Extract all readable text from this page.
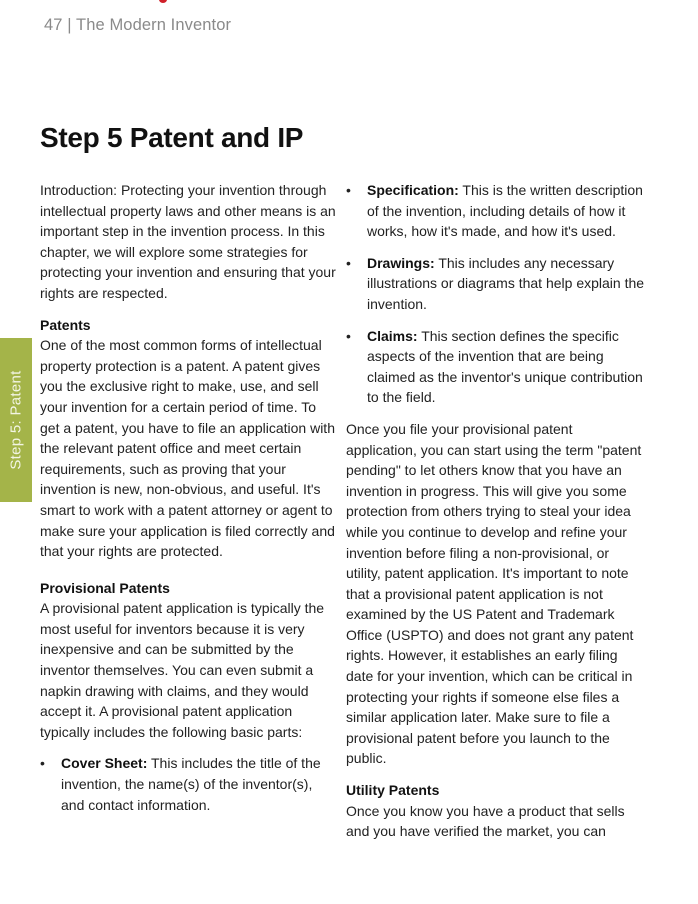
47 | The Modern Inventor
Step 5: Patent
Step 5 Patent and IP

Introduction: Protecting your invention through intellectual property laws and other means is an important step in the invention process. In this chapter, we will explore some strategies for protecting your invention and ensuring that your rights are respected.

Patents

One of the most common forms of intellectual property protection is a patent. A patent gives you the exclusive right to make, use, and sell your invention for a certain period of time. To get a patent, you have to file an application with the relevant patent office and meet certain requirements, such as proving that your invention is new, non-obvious, and useful. It's smart to work with a patent attorney or agent to make sure your application is filed correctly and that your rights are protected.

Provisional Patents

A provisional patent application is typically the most useful for inventors because it is very inexpensive and can be submitted by the inventor themselves. You can even submit a napkin drawing with claims, and they would accept it. A provisional patent application typically includes the following basic parts:

• Cover Sheet: This includes the title of the invention, the name(s) of the inventor(s), and contact information.
• Specification: This is the written description of the invention, including details of how it works, how it's made, and how it's used.
• Drawings: This includes any necessary illustrations or diagrams that help explain the invention.
• Claims: This section defines the specific aspects of the invention that are being claimed as the inventor's unique contribution to the field.

Once you file your provisional patent application, you can start using the term "patent pending" to let others know that you have an invention in progress. This will give you some protection from others trying to steal your idea while you continue to develop and refine your invention before filing a non-provisional, or utility, patent application. It's important to note that a provisional patent application is not examined by the US Patent and Trademark Office (USPTO) and does not grant any patent rights. However, it establishes an early filing date for your invention, which can be critical in protecting your rights if someone else files a similar application later. Make sure to file a provisional patent before you launch to the public.

Utility Patents

Once you know you have a product that sells and you have verified the market, you can
